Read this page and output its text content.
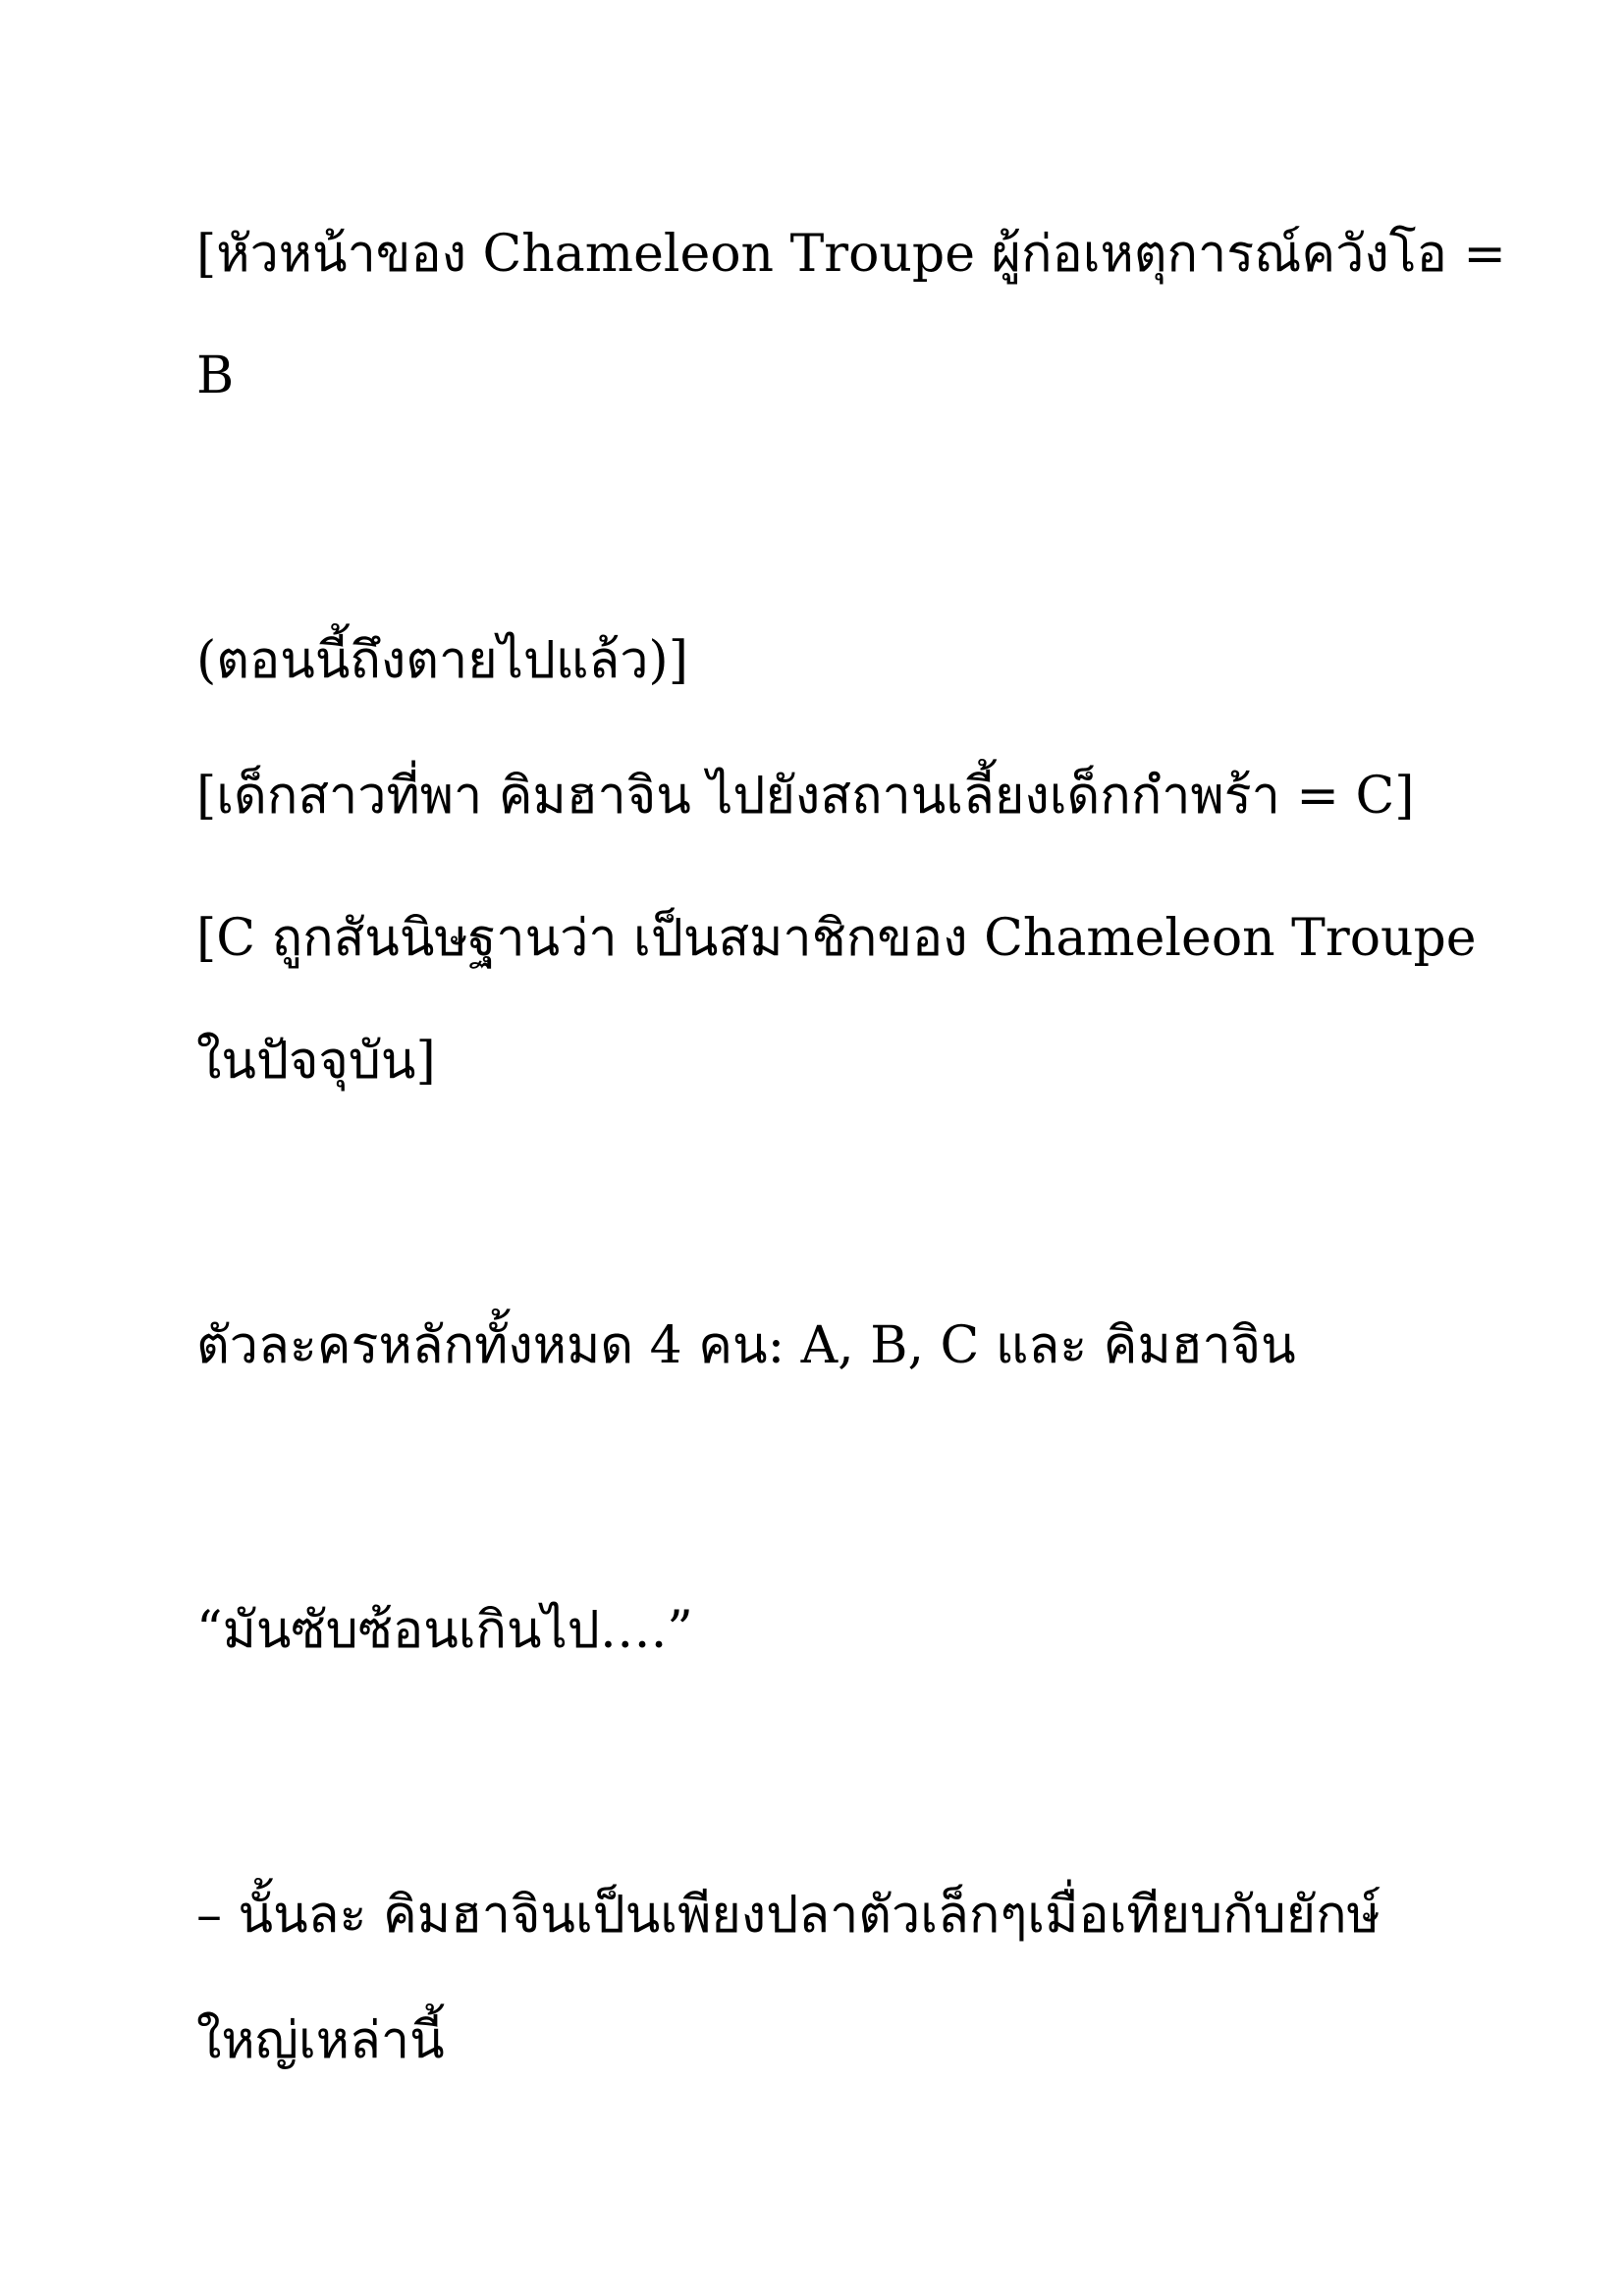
[หัวหน้าของ Chameleon Troupe ผู้ก่อเหตุการณ์ควังโอ =

B

(ตอนนี้ถึงตายไปแล้ว)]

[เด็กสาวที่พา คิมฮาจิน ไปยังสถานเลี้ยงเด็กกำพร้า = C]

[C ถูกสันนิษฐานว่า เป็นสมาชิกของ Chameleon Troupe

ในปัจจุบัน]

ตัวละครหลักทั้งหมด 4 คน: A, B, C และ คิมฮาจิน

“มันซับซ้อนเกินไป….”

– นั้นละ คิมฮาจินเป็นเพียงปลาตัวเล็กๆเมื่อเทียบกับยักษ์

ใหญ่เหล่านี้
